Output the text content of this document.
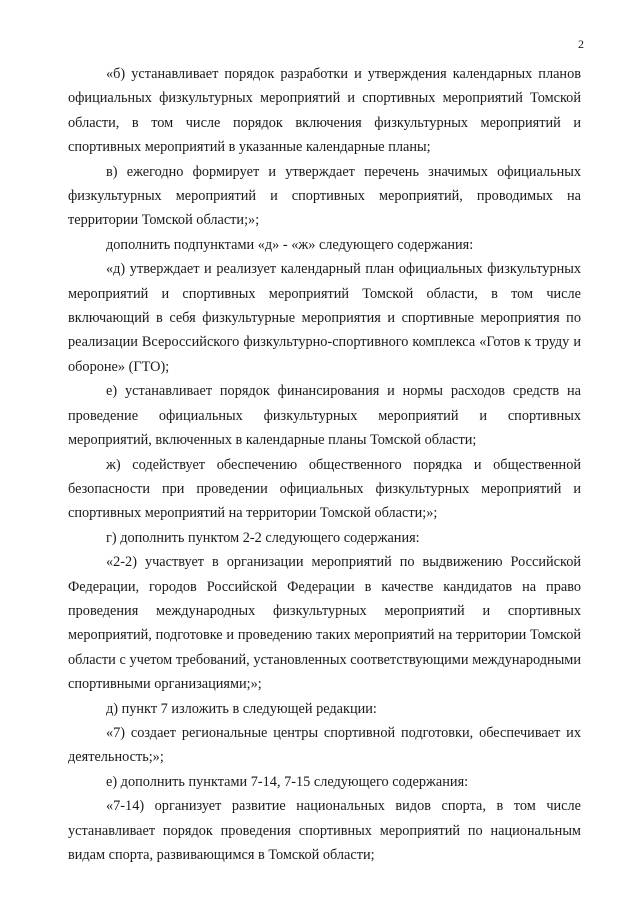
2

«б) устанавливает порядок разработки и утверждения календарных планов официальных физкультурных мероприятий и спортивных мероприятий Томской области, в том числе порядок включения физкультурных мероприятий и спортивных мероприятий в указанные календарные планы;

в) ежегодно формирует и утверждает перечень значимых официальных физкультурных мероприятий и спортивных мероприятий, проводимых на территории Томской области;»;

дополнить подпунктами «д» - «ж» следующего содержания:

«д) утверждает и реализует календарный план официальных физкультурных мероприятий и спортивных мероприятий Томской области, в том числе включающий в себя физкультурные мероприятия и спортивные мероприятия по реализации Всероссийского физкультурно-спортивного комплекса «Готов к труду и обороне» (ГТО);

е) устанавливает порядок финансирования и нормы расходов средств на проведение официальных физкультурных мероприятий и спортивных мероприятий, включенных в календарные планы Томской области;

ж) содействует обеспечению общественного порядка и общественной безопасности при проведении официальных физкультурных мероприятий и спортивных мероприятий на территории Томской области;»;

г) дополнить пунктом 2-2 следующего содержания:

«2-2) участвует в организации мероприятий по выдвижению Российской Федерации, городов Российской Федерации в качестве кандидатов на право проведения международных физкультурных мероприятий и спортивных мероприятий, подготовке и проведению таких мероприятий на территории Томской области с учетом требований, установленных соответствующими международными спортивными организациями;»;

д) пункт 7 изложить в следующей редакции:

«7) создает региональные центры спортивной подготовки, обеспечивает их деятельность;»;

е) дополнить пунктами 7-14, 7-15 следующего содержания:

«7-14) организует развитие национальных видов спорта, в том числе устанавливает порядок проведения спортивных мероприятий по национальным видам спорта, развивающимся в Томской области;
